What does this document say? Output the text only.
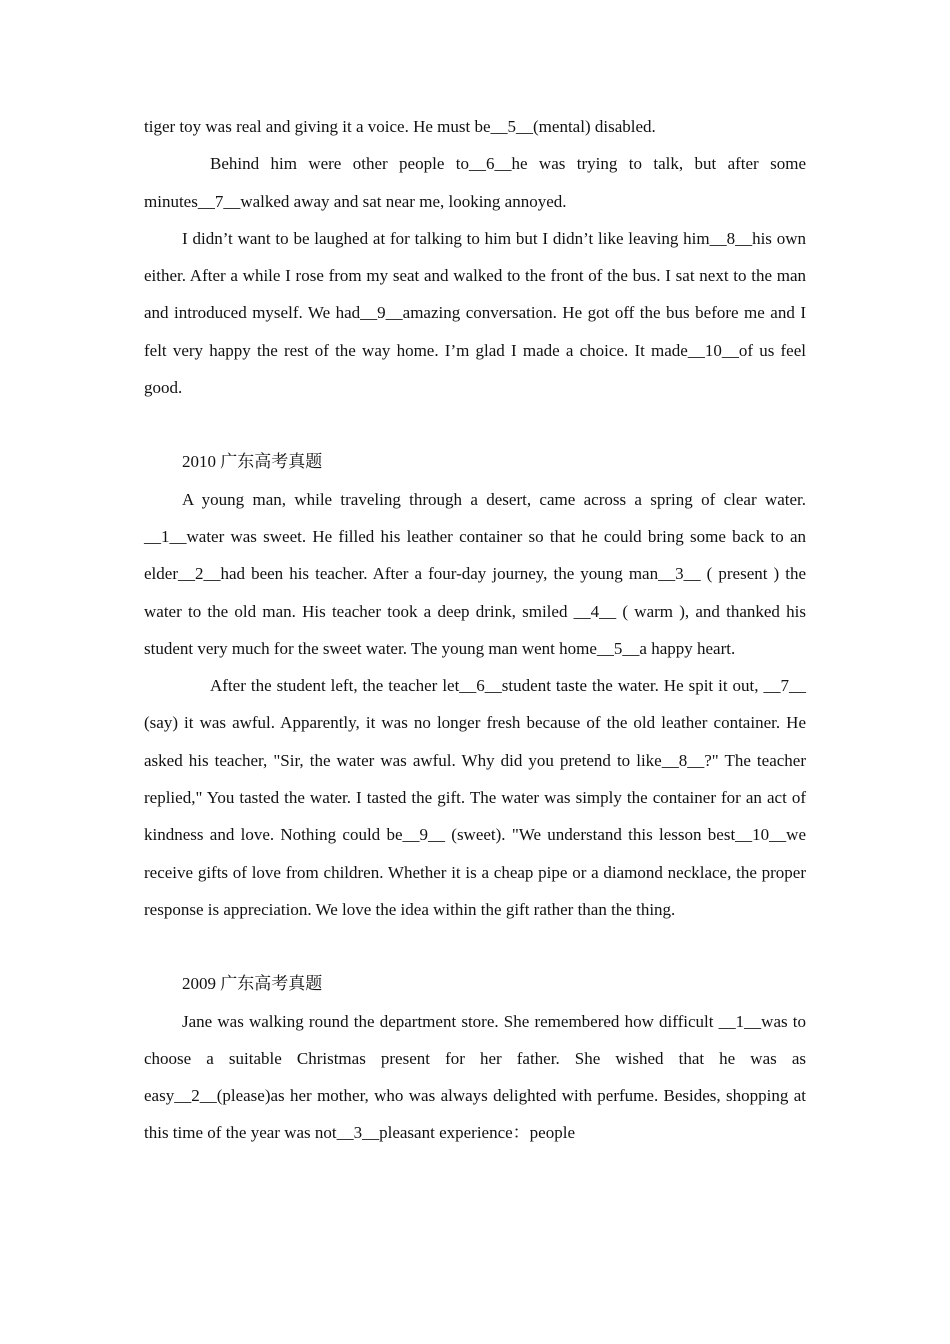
tiger toy was real and giving it a voice. He must be__5__(mental) disabled.

Behind him were other people to__6__he was trying to talk, but after some minutes__7__walked away and sat near me, looking annoyed.

I didn’t want to be laughed at for talking to him but I didn’t like leaving him__8__his own either. After a while I rose from my seat and walked to the front of the bus. I sat next to the man and introduced myself. We had__9__amazing conversation. He got off the bus before me and I felt very happy the rest of the way home. I’m glad I made a choice. It made__10__of us feel good.

2010 广东高考真题

A young man, while traveling through a desert, came across a spring of clear water. __1__water was sweet. He filled his leather container so that he could bring some back to an elder__2__had been his teacher. After a four-day journey, the young man__3__ ( present ) the water to the old man. His teacher took a deep drink, smiled __4__ ( warm ), and thanked his student very much for the sweet water. The young man went home__5__a happy heart.

After the student left, the teacher let__6__student taste the water. He spit it out, __7__ (say) it was awful. Apparently, it was no longer fresh because of the old leather container. He asked his teacher, "Sir, the water was awful. Why did you pretend to like__8__?" The teacher replied," You tasted the water. I tasted the gift. The water was simply the container for an act of kindness and love. Nothing could be__9__ (sweet). "We understand this lesson best__10__we receive gifts of love from children. Whether it is a cheap pipe or a diamond necklace, the proper response is appreciation. We love the idea within the gift rather than the thing.

2009 广东高考真题

Jane was walking round the department store. She remembered how difficult __1__was to choose a suitable Christmas present for her father. She wished that he was as easy__2__(please)as her mother, who was always delighted with perfume. Besides, shopping at this time of the year was not__3__pleasant experience：people
